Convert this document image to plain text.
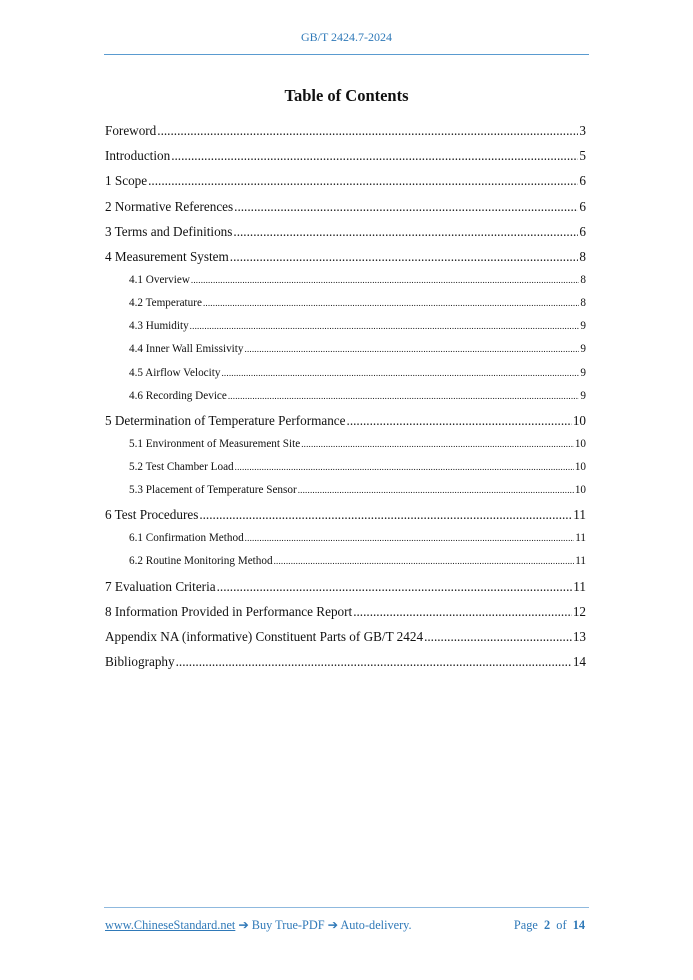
GB/T 2424.7-2024
Table of Contents
Foreword .....	3
Introduction .....	5
1 Scope .....	6
2 Normative References .....	6
3 Terms and Definitions .....	6
4 Measurement System .....	8
4.1 Overview .....	8
4.2 Temperature .....	8
4.3 Humidity .....	9
4.4 Inner Wall Emissivity .....	9
4.5 Airflow Velocity .....	9
4.6 Recording Device .....	9
5 Determination of Temperature Performance .....	10
5.1 Environment of Measurement Site .....	10
5.2 Test Chamber Load .....	10
5.3 Placement of Temperature Sensor .....	10
6 Test Procedures .....	11
6.1 Confirmation Method .....	11
6.2 Routine Monitoring Method .....	11
7 Evaluation Criteria .....	11
8 Information Provided in Performance Report .....	12
Appendix NA (informative) Constituent Parts of GB/T 2424 .....	13
Bibliography .....	14
www.ChineseStandard.net ➔ Buy True-PDF ➔ Auto-delivery.	Page 2 of 14
